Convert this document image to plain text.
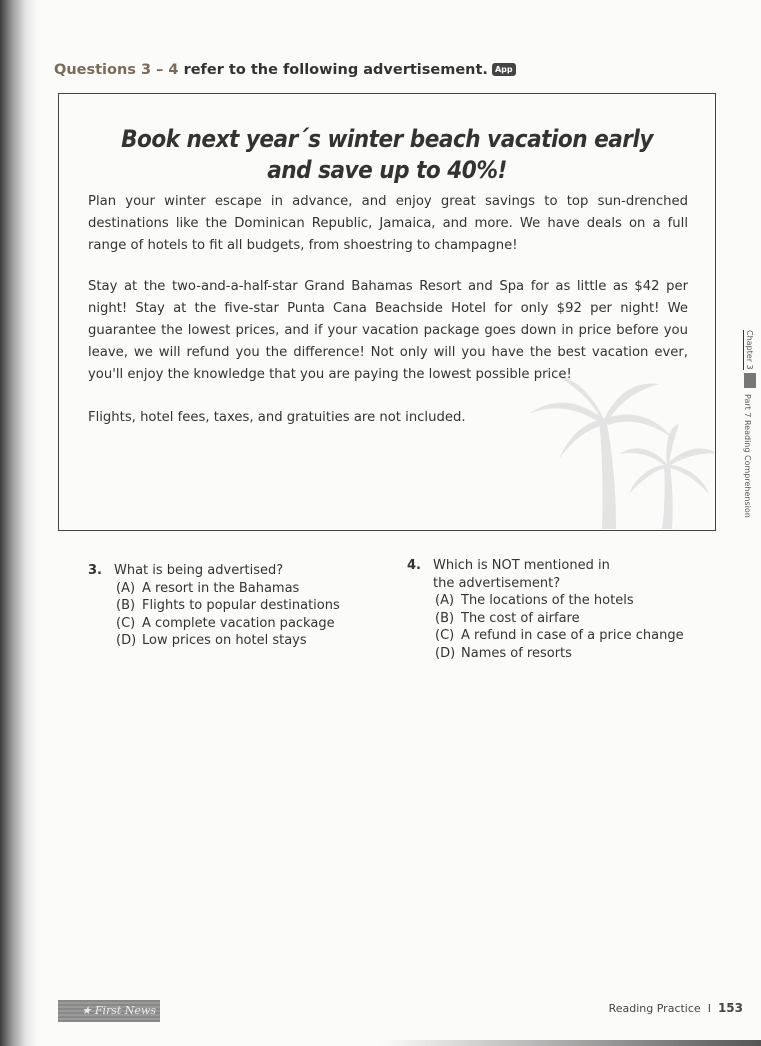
Questions 3 – 4 refer to the following advertisement. App
Book next year´s winter beach vacation early
and save up to 40%!

Plan your winter escape in advance, and enjoy great savings to top sun-drenched destinations like the Dominican Republic, Jamaica, and more. We have deals on a full range of hotels to fit all budgets, from shoestring to champagne!

Stay at the two-and-a-half-star Grand Bahamas Resort and Spa for as little as $42 per night! Stay at the five-star Punta Cana Beachside Hotel for only $92 per night! We guarantee the lowest prices, and if your vacation package goes down in price before you leave, we will refund you the difference! Not only will you have the best vacation ever, you'll enjoy the knowledge that you are paying the lowest possible price!

Flights, hotel fees, taxes, and gratuities are not included.

3. What is being advertised?
(A) A resort in the Bahamas
(B) Flights to popular destinations
(C) A complete vacation package
(D) Low prices on hotel stays
4. Which is NOT mentioned in the advertisement?
(A) The locations of the hotels
(B) The cost of airfare
(C) A refund in case of a price change
(D) Names of resorts
Chapter 3
Part 7 Reading Comprehension
★ First News	Reading Practice I 153
